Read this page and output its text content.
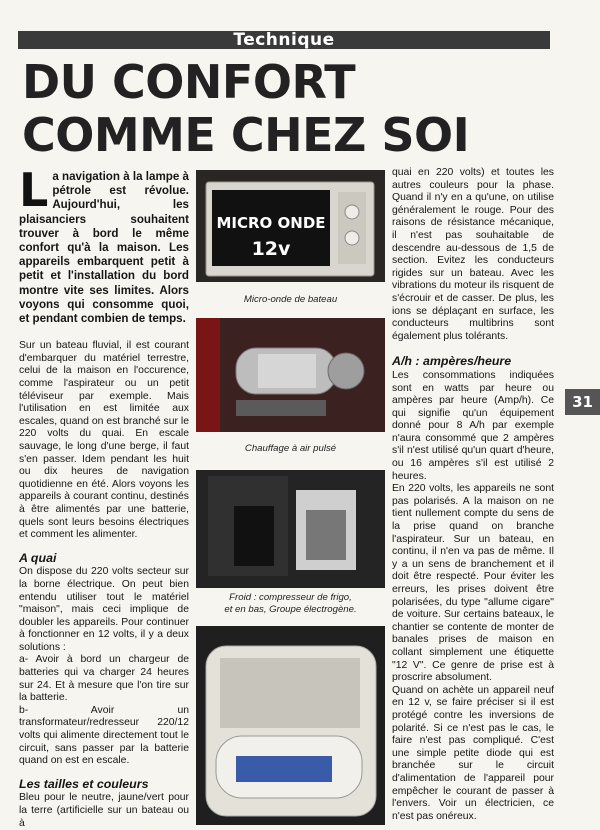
Technique
DU CONFORT
COMME CHEZ SOI
La navigation à la lampe à pétrole est révolue. Aujourd'hui, les plaisanciers souhaitent trouver à bord le même confort qu'à la maison. Les appareils embarquent petit à petit et l'installation du bord montre vite ses limites. Alors voyons qui consomme quoi, et pendant combien de temps.

Sur un bateau fluvial, il est courant d'embarquer du matériel terrestre, celui de la maison en l'occurence, comme l'aspirateur ou un petit téléviseur par exemple. Mais l'utilisation en est limitée aux escales, quand on est branché sur le 220 volts du quai. En escale sauvage, le long d'une berge, il faut s'en passer. Idem pendant les huit ou dix heures de navigation quotidienne en été. Alors voyons les appareils à courant continu, destinés à être alimentés par une batterie, quels sont leurs besoins électriques et comment les alimenter.

A quai

On dispose du 220 volts secteur sur la borne électrique. On peut bien entendu utiliser tout le matériel "maison", mais ceci implique de doubler les appareils. Pour continuer à fonctionner en 12 volts, il y a deux solutions :

a- Avoir à bord un chargeur de batteries qui va charger 24 heures sur 24. Et à mesure que l'on tire sur la batterie.

b- Avoir un transformateur/redresseur 220/12 volts qui alimente directement tout le circuit, sans passer par la batterie quand on est en escale.

Les tailles et couleurs

Bleu pour le neutre, jaune/vert pour la terre (artificielle sur un bateau ou à

MICRO ONDE
12v
Micro-onde de bateau
Chauffage à air pulsé
Froid : compresseur de frigo,
et en bas, Groupe électrogène.

quai en 220 volts) et toutes les autres couleurs pour la phase. Quand il n'y en a qu'une, on utilise généralement le rouge. Pour des raisons de résistance mécanique, il n'est pas souhaitable de descendre au-dessous de 1,5 de section. Evitez les conducteurs rigides sur un bateau. Avec les vibrations du moteur ils risquent de s'écrouir et de casser. De plus, les ions se déplaçant en surface, les conducteurs multibrins sont également plus tolérants.

A/h : ampères/heure

Les consommations indiquées sont en watts par heure ou ampères par heure (Amp/h). Ce qui signifie qu'un équipement donné pour 8 A/h par exemple n'aura consommé que 2 ampères s'il n'est utilisé qu'un quart d'heure, ou 16 ampères s'il est utilisé 2 heures.

En 220 volts, les appareils ne sont pas polarisés. A la maison on ne tient nullement compte du sens de la prise quand on branche l'aspirateur. Sur un bateau, en continu, il n'en va pas de même. Il y a un sens de branchement et il doit être respecté. Pour éviter les erreurs, les prises doivent être polarisées, du type "allume cigare" de voiture. Sur certains bateaux, le chantier se contente de monter de banales prises de maison en collant simplement une étiquette "12 V". Ce genre de prise est à proscrire absolument.

Quand on achète un appareil neuf en 12 v, se faire préciser si il est protégé contre les inversions de polarité. Si ce n'est pas le cas, le faire n'est pas compliqué. C'est une simple petite diode qui est branchée sur le circuit d'alimentation de l'appareil pour empêcher le courant de passer à l'envers. Voir un électricien, ce n'est pas onéreux.

31
